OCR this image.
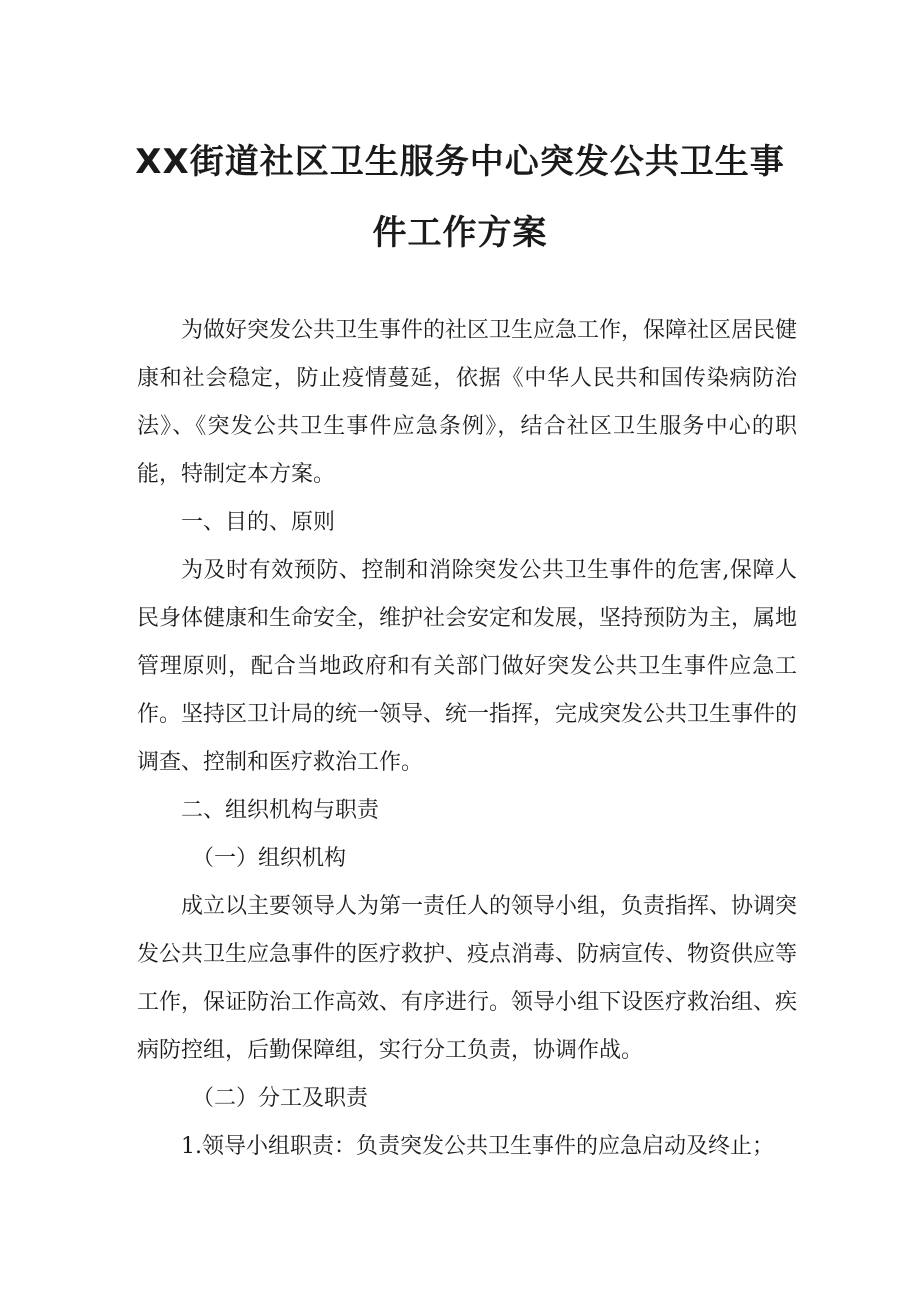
XX街道社区卫生服务中心突发公共卫生事
件工作方案

为做好突发公共卫生事件的社区卫生应急工作，保障社区居民健康和社会稳定，防止疫情蔓延，依据《中华人民共和国传染病防治法》、《突发公共卫生事件应急条例》，结合社区卫生服务中心的职能，特制定本方案。

一、目的、原则

为及时有效预防、控制和消除突发公共卫生事件的危害,保障人民身体健康和生命安全，维护社会安定和发展，坚持预防为主，属地管理原则，配合当地政府和有关部门做好突发公共卫生事件应急工作。坚持区卫计局的统一领导、统一指挥，完成突发公共卫生事件的调查、控制和医疗救治工作。

二、组织机构与职责

（一）组织机构

成立以主要领导人为第一责任人的领导小组，负责指挥、协调突发公共卫生应急事件的医疗救护、疫点消毒、防病宣传、物资供应等工作，保证防治工作高效、有序进行。领导小组下设医疗救治组、疾病防控组，后勤保障组，实行分工负责，协调作战。

（二）分工及职责

1.领导小组职责：负责突发公共卫生事件的应急启动及终止；
